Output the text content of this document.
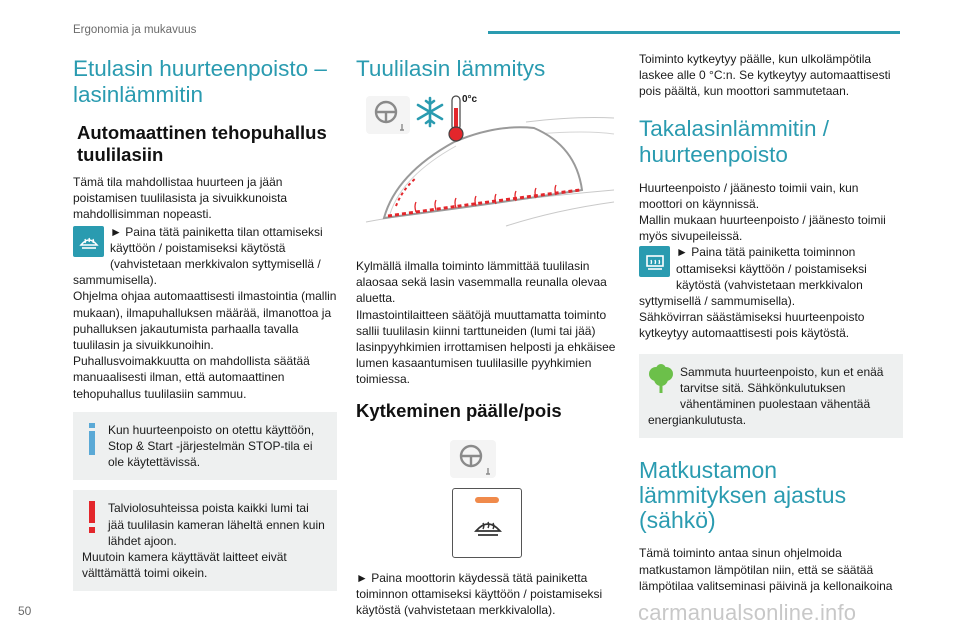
Ergonomia ja mukavuus
50	carmanualsonline.info
Etulasin huurteenpoisto – lasinlämmitin
Automaattinen tehopuhallus tuulilasiin
Tämä tila mahdollistaa huurteen ja jään poistamisen tuulilasista ja sivuikkunoista mahdollisimman nopeasti.
► Paina tätä painiketta tilan ottamiseksi käyttöön / poistamiseksi käytöstä (vahvistetaan merkkivalon syttymisellä / sammumisella).
Ohjelma ohjaa automaattisesti ilmastointia (mallin mukaan), ilmapuhalluksen määrää, ilmanottoa ja puhalluksen jakautumista parhaalla tavalla tuulilasin ja sivuikkunoihin.
Puhallusvoimakkuutta on mahdollista säätää manuaalisesti ilman, että automaattinen tehopuhallus tuulilasiin sammuu.
Kun huurteenpoisto on otettu käyttöön, Stop & Start -järjestelmän STOP-tila ei ole käytettävissä.
Talviolosuhteissa poista kaikki lumi tai jää tuulilasin kameran läheltä ennen kuin lähdet ajoon.
Muutoin kamera käyttävät laitteet eivät välttämättä toimi oikein.
Tuulilasin lämmitys
0°c
Kylmällä ilmalla toiminto lämmittää tuulilasin alaosaa sekä lasin vasemmalla reunalla olevaa aluetta.
Ilmastointilaitteen säätöjä muuttamatta toiminto sallii tuulilasin kiinni tarttuneiden (lumi tai jää) lasinpyyhkimien irrottamisen helposti ja ehkäisee lumen kasaantumisen tuulilasille pyyhkimien toimiessa.
Kytkeminen päälle/pois
► Paina moottorin käydessä tätä painiketta toiminnon ottamiseksi käyttöön / poistamiseksi käytöstä (vahvistetaan merkkivalolla).
Toiminto kytkeytyy päälle, kun ulkolämpötila laskee alle 0 °C:n. Se kytkeytyy automaattisesti pois päältä, kun moottori sammutetaan.
Takalasinlämmitin / huurteenpoisto
Huurteenpoisto / jäänesto toimii vain, kun moottori on käynnissä.
Mallin mukaan huurteenpoisto / jäänesto toimii myös sivupeileissä.
► Paina tätä painiketta toiminnon ottamiseksi käyttöön / poistamiseksi käytöstä (vahvistetaan merkkivalon syttymisellä / sammumisella).
Sähkövirran säästämiseksi huurteenpoisto kytkeytyy automaattisesti pois käytöstä.
Sammuta huurteenpoisto, kun et enää tarvitse sitä. Sähkönkulutuksen vähentäminen puolestaan vähentää energiankulutusta.
Matkustamon lämmityksen ajastus (sähkö)
Tämä toiminto antaa sinun ohjelmoida matkustamon lämpötilan niin, että se säätää lämpötilaa valitseminasi päivinä ja kellonaikoina
